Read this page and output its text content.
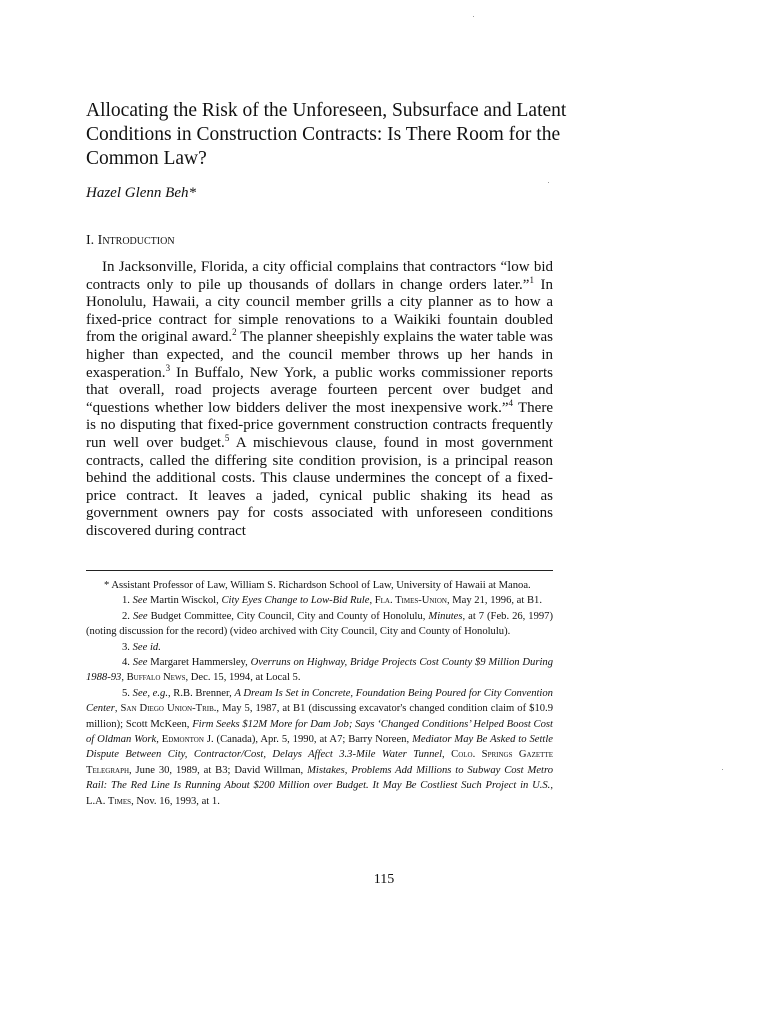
Allocating the Risk of the Unforeseen, Subsurface and Latent Conditions in Construction Contracts: Is There Room for the Common Law?

Hazel Glenn Beh*

I. Introduction

In Jacksonville, Florida, a city official complains that contractors “low bid contracts only to pile up thousands of dollars in change orders later.”$^1$ In Honolulu, Hawaii, a city council member grills a city planner as to how a fixed-price contract for simple renovations to a Waikiki fountain doubled from the original award.$^2$ The planner sheepishly explains the water table was higher than expected, and the council member throws up her hands in exasperation.$^3$ In Buffalo, New York, a public works commissioner reports that overall, road projects average fourteen percent over budget and “questions whether low bidders deliver the most inexpensive work.”$^4$ There is no disputing that fixed-price government construction contracts frequently run well over budget.$^5$ A mischievous clause, found in most government contracts, called the differing site condition provision, is a principal reason behind the additional costs. This clause undermines the concept of a fixed-price contract. It leaves a jaded, cynical public shaking its head as government owners pay for costs associated with unforeseen conditions discovered during contract

* Assistant Professor of Law, William S. Richardson School of Law, University of Hawaii at Manoa.

1. See Martin Wisckol, City Eyes Change to Low-Bid Rule, Fla. Times-Union, May 21, 1996, at B1.

2. See Budget Committee, City Council, City and County of Honolulu, Minutes, at 7 (Feb. 26, 1997) (noting discussion for the record) (video archived with City Council, City and County of Honolulu).

3. See id.

4. See Margaret Hammersley, Overruns on Highway, Bridge Projects Cost County $9 Million During 1988-93, Buffalo News, Dec. 15, 1994, at Local 5.

5. See, e.g., R.B. Brenner, A Dream Is Set in Concrete, Foundation Being Poured for City Convention Center, San Diego Union-Trib., May 5, 1987, at B1 (discussing excavator's changed condition claim of $10.9 million); Scott McKeen, Firm Seeks $12M More for Dam Job; Says ‘Changed Conditions’ Helped Boost Cost of Oldman Work, Edmonton J. (Canada), Apr. 5, 1990, at A7; Barry Noreen, Mediator May Be Asked to Settle Dispute Between City, Contractor/Cost, Delays Affect 3.3-Mile Water Tunnel, Colo. Springs Gazette Telegraph, June 30, 1989, at B3; David Willman, Mistakes, Problems Add Millions to Subway Cost Metro Rail: The Red Line Is Running About $200 Million over Budget. It May Be Costliest Such Project in U.S., L.A. Times, Nov. 16, 1993, at 1.

115
